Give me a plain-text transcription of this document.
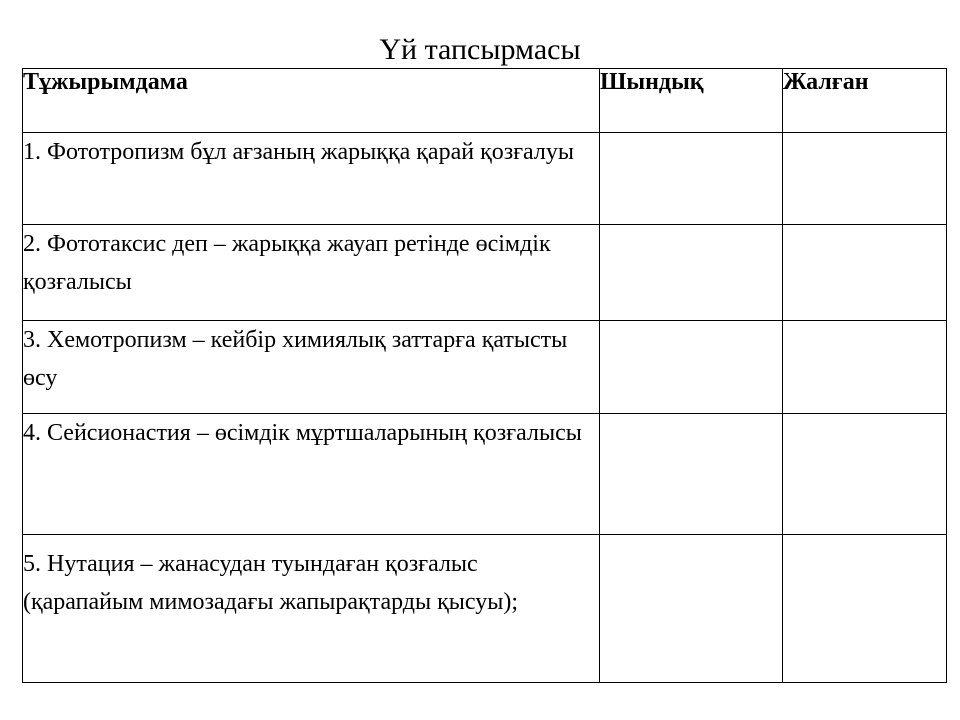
Үй тапсырмасы
Тұжырымдама	Шындық	Жалған
1. Фототропизм бұл ағзаның жарыққа қарай қозғалуы		
2. Фототаксис деп – жарыққа жауап ретінде өсімдік қозғалысы		
3. Хемотропизм – кейбір химиялық заттарға қатысты өсу		
4. Сейсионастия – өсімдік мұртшаларының қозғалысы		
5. Нутация – жанасудан туындаған қозғалыс (қарапайым мимозадағы жапырақтарды қысуы);		
